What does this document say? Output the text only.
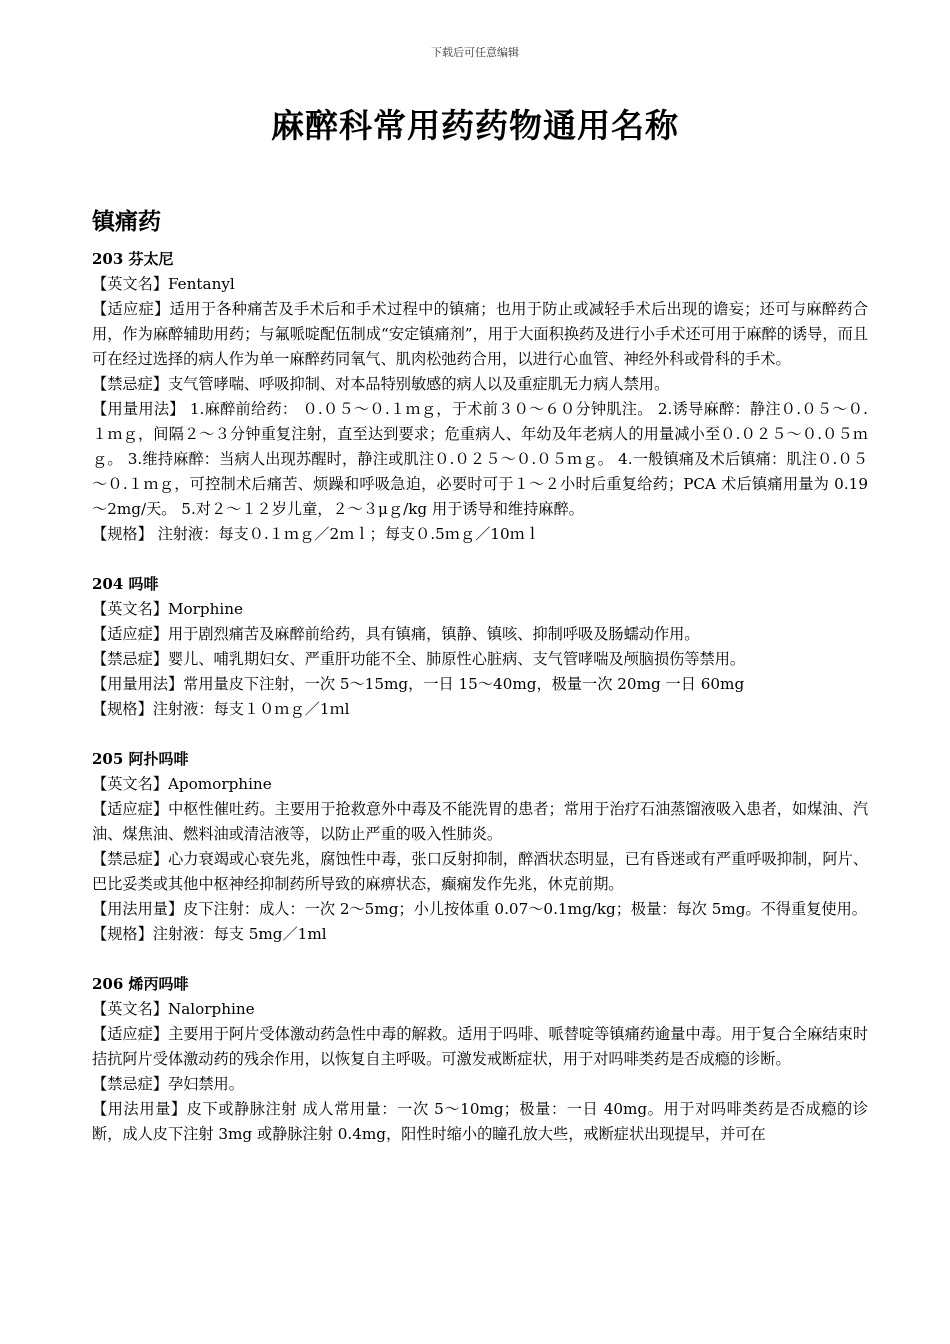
下载后可任意编辑
麻醉科常用药药物通用名称
镇痛药
203 芬太尼
【英文名】Fentanyl
【适应症】适用于各种痛苦及手术后和手术过程中的镇痛；也用于防止或减轻手术后出现的谵妄；还可与麻醉药合用，作为麻醉辅助用药；与氟哌啶配伍制成“安定镇痛剂”，用于大面积换药及进行小手术还可用于麻醉的诱导，而且可在经过选择的病人作为单一麻醉药同氧气、肌肉松弛药合用，以进行心血管、神经外科或骨科的手术。
【禁忌症】支气管哮喘、呼吸抑制、对本品特别敏感的病人以及重症肌无力病人禁用。
【用量用法】 1.麻醉前给药： ０.０５～０.１ｍｇ，于术前３０～６０分钟肌注。 2.诱导麻醉：静注０.０５～０.１ｍｇ，间隔２～３分钟重复注射，直至达到要求；危重病人、年幼及年老病人的用量减小至０.０２５～０.０５ｍｇ。 3.维持麻醉：当病人出现苏醒时，静注或肌注０.０２５～０.０５ｍｇ。 4.一般镇痛及术后镇痛：肌注０.０５～０.１ｍｇ，可控制术后痛苦、烦躁和呼吸急迫，必要时可于１～２小时后重复给药；PCA 术后镇痛用量为 0.19～2mg/天。 5.对２～１２岁儿童，２～３μｇ/kg 用于诱导和维持麻醉。
【规格】 注射液：每支０.１ｍｇ／2ｍｌ；每支０.5ｍｇ／10ｍｌ
204 吗啡
【英文名】Morphine
【适应症】用于剧烈痛苦及麻醉前给药，具有镇痛，镇静、镇咳、抑制呼吸及肠蠕动作用。
【禁忌症】婴儿、哺乳期妇女、严重肝功能不全、肺原性心脏病、支气管哮喘及颅脑损伤等禁用。
【用量用法】常用量皮下注射，一次 5～15mg，一日 15～40mg，极量一次 20mg 一日 60mg
【规格】注射液：每支１０ｍｇ／1ｍl
205 阿扑吗啡
【英文名】Apomorphine
【适应症】中枢性催吐药。主要用于抢救意外中毒及不能洗胃的患者；常用于治疗石油蒸馏液吸入患者，如煤油、汽油、煤焦油、燃料油或清洁液等，以防止严重的吸入性肺炎。
【禁忌症】心力衰竭或心衰先兆，腐蚀性中毒，张口反射抑制，醉酒状态明显，已有昏迷或有严重呼吸抑制，阿片、巴比妥类或其他中枢神经抑制药所导致的麻痹状态，癫痫发作先兆，休克前期。
【用法用量】皮下注射：成人：一次 2～5mg；小儿按体重 0.07～0.1mg/kg；极量：每次 5mg。不得重复使用。
【规格】注射液：每支 5mg／1ml
206 烯丙吗啡
【英文名】Nalorphine
【适应症】主要用于阿片受体激动药急性中毒的解救。适用于吗啡、哌替啶等镇痛药逾量中毒。用于复合全麻结束时拮抗阿片受体激动药的残余作用，以恢复自主呼吸。可激发戒断症状，用于对吗啡类药是否成瘾的诊断。
【禁忌症】孕妇禁用。
【用法用量】皮下或静脉注射 成人常用量：一次 5～10mg；极量：一日 40mg。用于对吗啡类药是否成瘾的诊断，成人皮下注射 3mg 或静脉注射 0.4mg，阳性时缩小的瞳孔放大些，戒断症状出现提早，并可在
